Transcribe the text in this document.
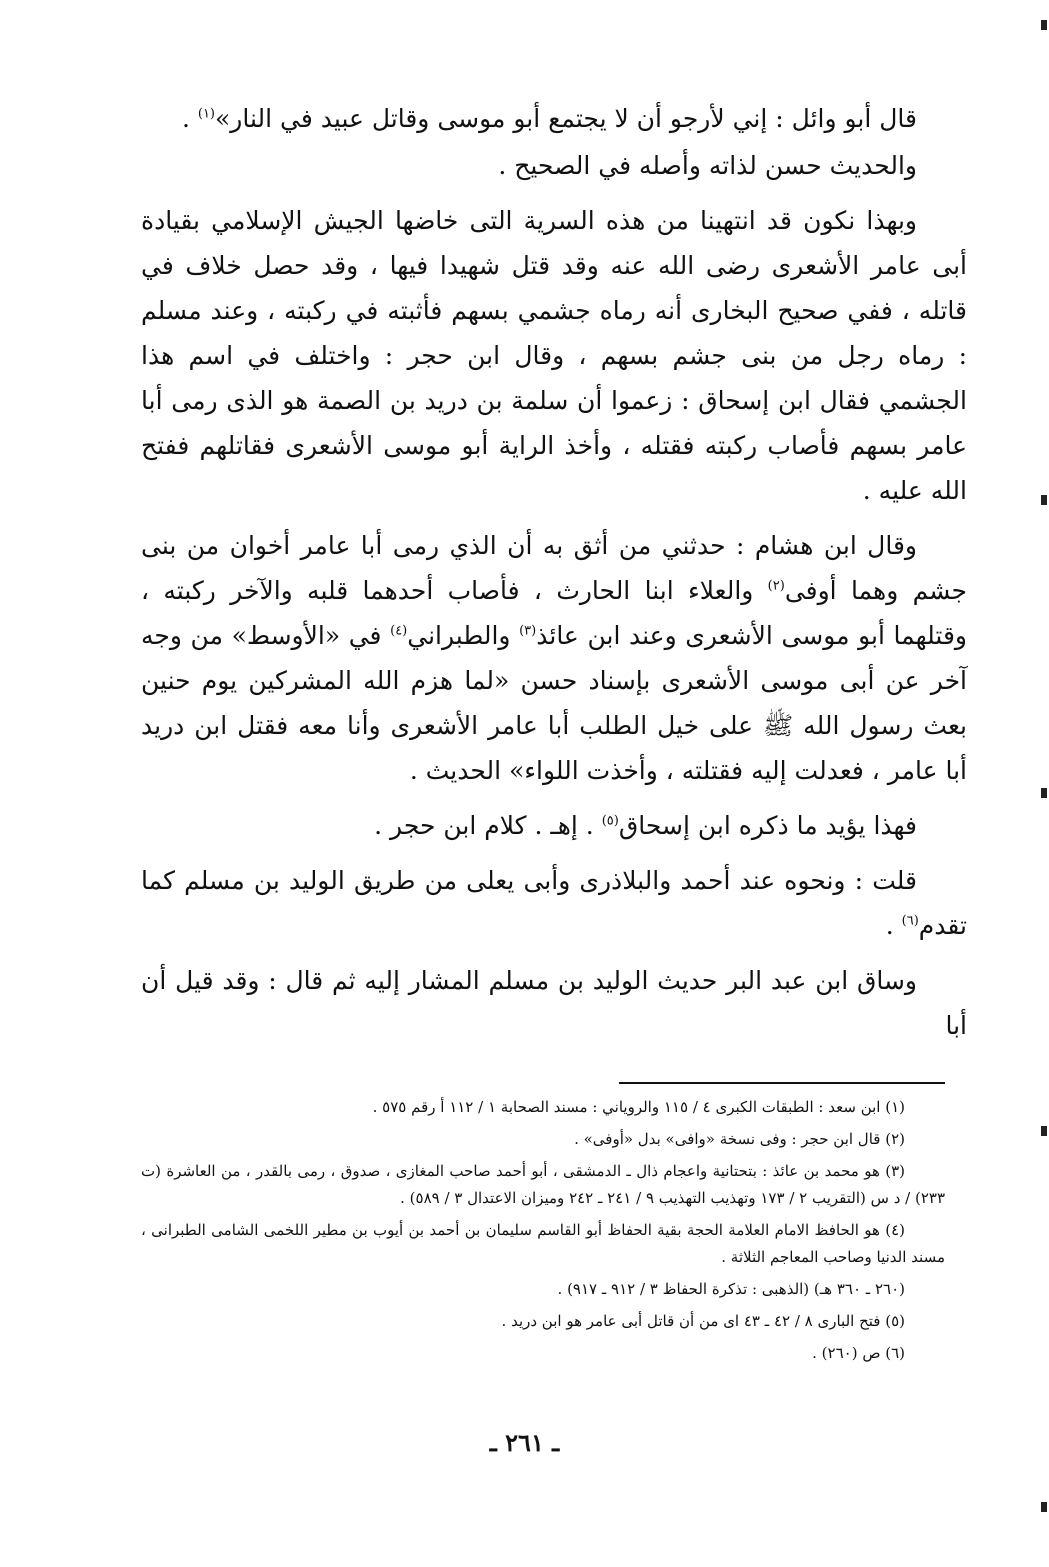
قال أبو وائل : إني لأرجو أن لا يجتمع أبو موسى وقاتل عبيد في النار»$^{(١)}$ .

والحديث حسن لذاته وأصله في الصحيح .

وبهذا نكون قد انتهينا من هذه السرية التى خاضها الجيش الإسلامي بقيادة أبى عامر الأشعرى رضى الله عنه وقد قتل شهيدا فيها ، وقد حصل خلاف في قاتله ، ففي صحيح البخارى أنه رماه جشمي بسهم فأثبته في ركبته ، وعند مسلم : رماه رجل من بنى جشم بسهم ، وقال ابن حجر : واختلف في اسم هذا الجشمي فقال ابن إسحاق : زعموا أن سلمة بن دريد بن الصمة هو الذى رمى أبا عامر بسهم فأصاب ركبته فقتله ، وأخذ الراية أبو موسى الأشعرى فقاتلهم ففتح الله عليه .

وقال ابن هشام : حدثني من أثق به أن الذي رمى أبا عامر أخوان من بنى جشم وهما أوفى$^{(٢)}$ والعلاء ابنا الحارث ، فأصاب أحدهما قلبه والآخر ركبته ، وقتلهما أبو موسى الأشعرى وعند ابن عائذ$^{(٣)}$ والطبراني$^{(٤)}$ في «الأوسط» من وجه آخر عن أبى موسى الأشعرى بإسناد حسن «لما هزم الله المشركين يوم حنين بعث رسول الله ﷺ على خيل الطلب أبا عامر الأشعرى وأنا معه فقتل ابن دريد أبا عامر ، فعدلت إليه فقتلته ، وأخذت اللواء» الحديث .

فهذا يؤيد ما ذكره ابن إسحاق$^{(٥)}$ . إهـ . كلام ابن حجر .

قلت : ونحوه عند أحمد والبلاذرى وأبى يعلى من طريق الوليد بن مسلم كما تقدم$^{(٦)}$ .

وساق ابن عبد البر حديث الوليد بن مسلم المشار إليه ثم قال : وقد قيل أن أبا

(١) ابن سعد : الطبقات الكبرى ٤ / ١١٥ والروياني : مسند الصحابة ١ / ١١٢ أ رقم ٥٧٥ .

(٢) قال ابن حجر : وفى نسخة «وافى» بدل «أوفى» .

(٣) هو محمد بن عائذ : بتحتانية واعجام ذال ـ الدمشقى ، أبو أحمد صاحب المغازى ، صدوق ، رمى بالقدر ، من العاشرة (ت ٢٣٣) / د س (التقريب ٢ / ١٧٣ وتهذيب التهذيب ٩ / ٢٤١ ـ ٢٤٢ وميزان الاعتدال ٣ / ٥٨٩) .

(٤) هو الحافظ الامام العلامة الحجة بقية الحفاظ أبو القاسم سليمان بن أحمد بن أيوب بن مطير اللخمى الشامى الطبرانى ، مسند الدنيا وصاحب المعاجم الثلاثة .

(٢٦٠ ـ ٣٦٠ هـ) (الذهبى : تذكرة الحفاظ ٣ / ٩١٢ ـ ٩١٧) .

(٥) فتح البارى ٨ / ٤٢ ـ ٤٣ اى من أن قاتل أبى عامر هو ابن دريد .

(٦) ص (٢٦٠) .

ـ ٢٦١ ـ
